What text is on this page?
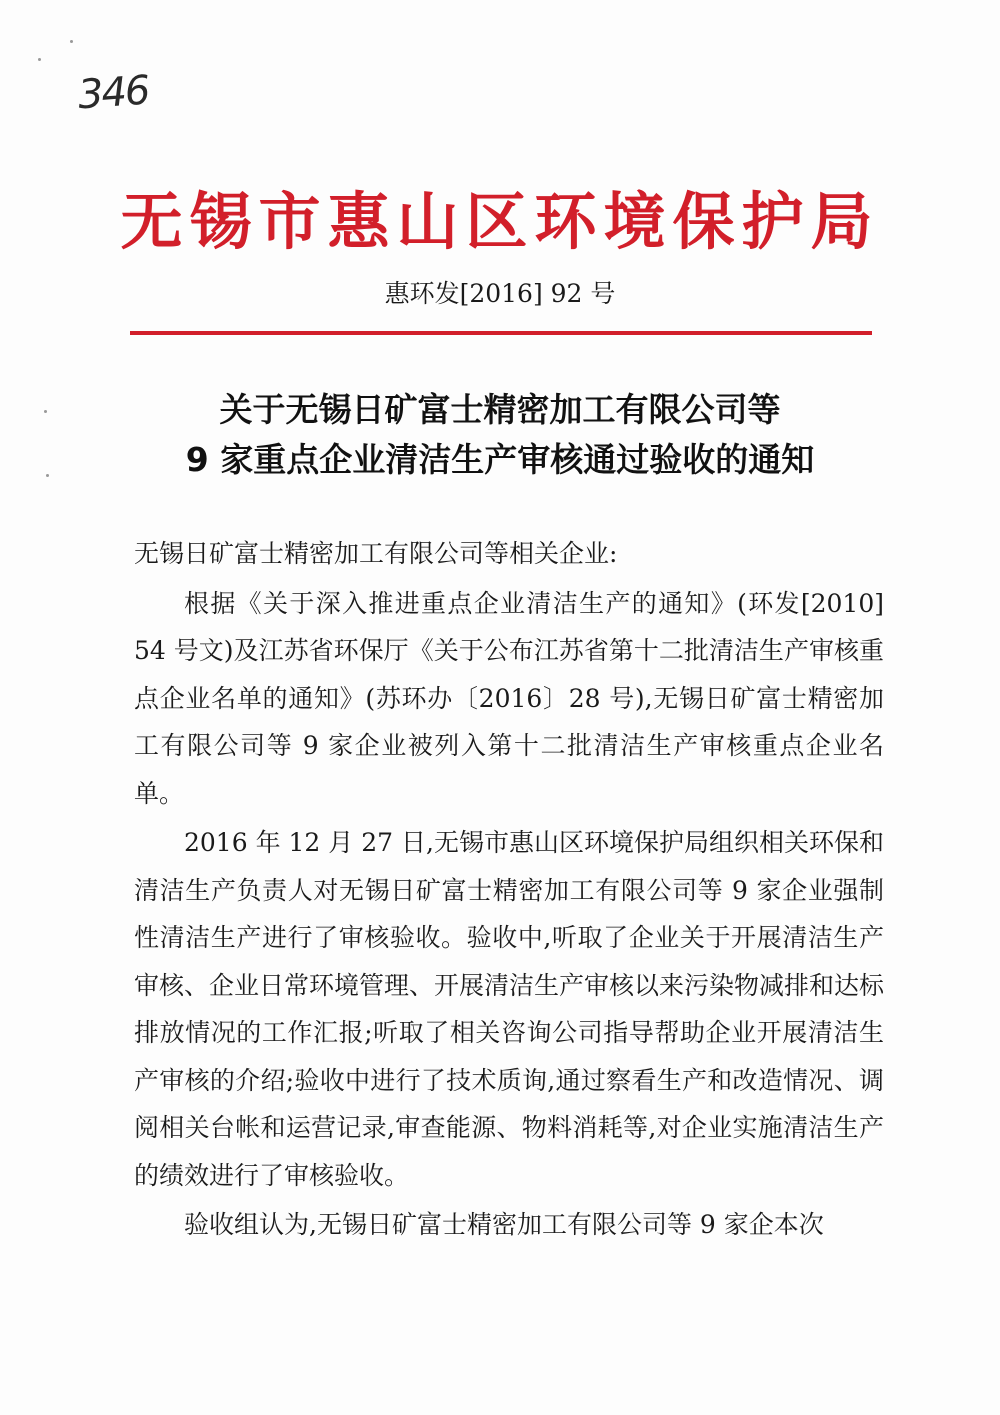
346
无锡市惠山区环境保护局
惠环发[2016] 92 号
关于无锡日矿富士精密加工有限公司等
9 家重点企业清洁生产审核通过验收的通知

无锡日矿富士精密加工有限公司等相关企业:

根据《关于深入推进重点企业清洁生产的通知》(环发[2010] 54 号文)及江苏省环保厅《关于公布江苏省第十二批清洁生产审核重点企业名单的通知》(苏环办〔2016〕28 号),无锡日矿富士精密加工有限公司等 9 家企业被列入第十二批清洁生产审核重点企业名单。

2016 年 12 月 27 日,无锡市惠山区环境保护局组织相关环保和清洁生产负责人对无锡日矿富士精密加工有限公司等 9 家企业强制性清洁生产进行了审核验收。验收中,听取了企业关于开展清洁生产审核、企业日常环境管理、开展清洁生产审核以来污染物减排和达标排放情况的工作汇报;听取了相关咨询公司指导帮助企业开展清洁生产审核的介绍;验收中进行了技术质询,通过察看生产和改造情况、调阅相关台帐和运营记录,审查能源、物料消耗等,对企业实施清洁生产的绩效进行了审核验收。

验收组认为,无锡日矿富士精密加工有限公司等 9 家企本次
